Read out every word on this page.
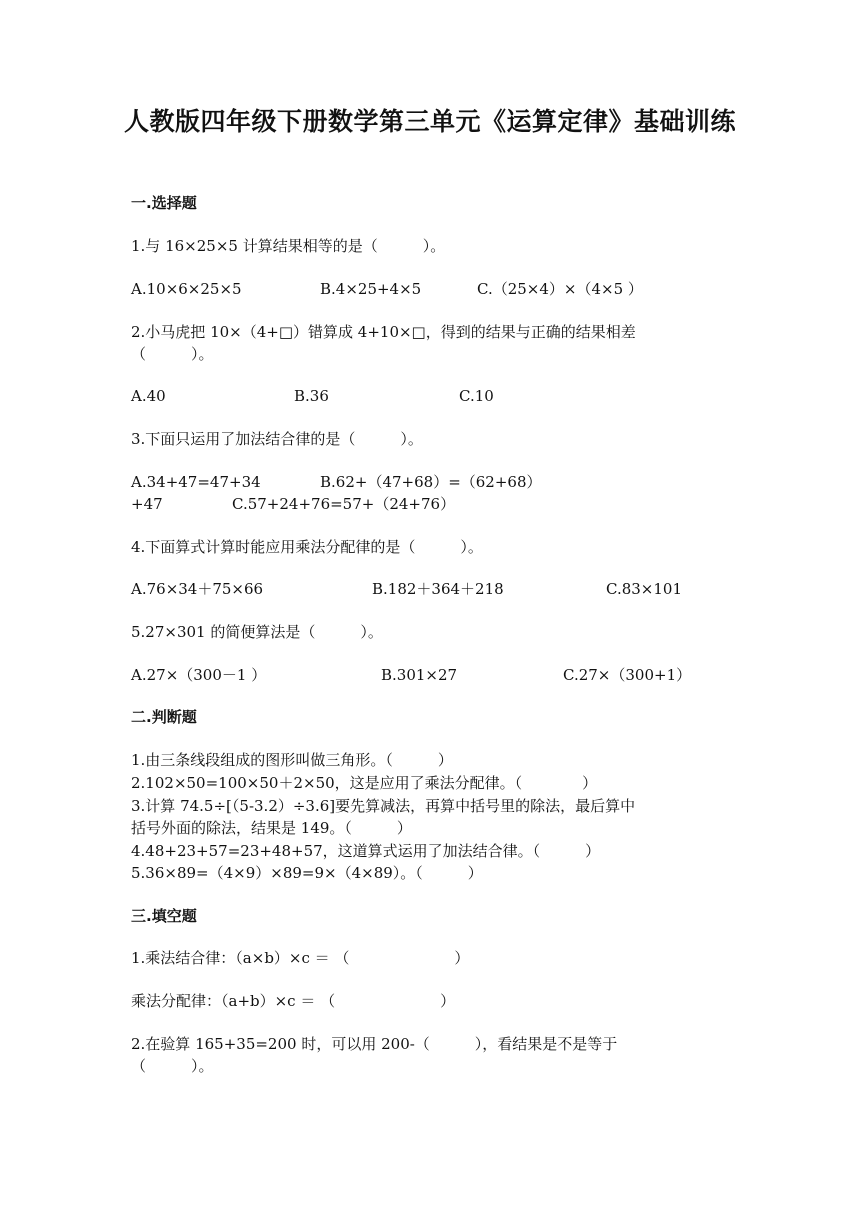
人教版四年级下册数学第三单元《运算定律》基础训练
一.选择题
1.与 16×25×5 计算结果相等的是（　　　）。
A.10×6×25×5	B.4×25+4×5	C.（25×4）×（4×5 ）
2.小马虎把 10×（4+□）错算成 4+10×□，得到的结果与正确的结果相差
（　　　）。
A.40	B.36	C.10
3.下面只运用了加法结合律的是（　　　）。
A.34+47=47+34	B.62+（47+68）=（62+68）
+47	C.57+24+76=57+（24+76）
4.下面算式计算时能应用乘法分配律的是（　　　）。
A.76×34＋75×66	B.182＋364＋218	C.83×101
5.27×301 的简便算法是（　　　）。
A.27×（300－1 ）	B.301×27	C.27×（300+1）
二.判断题
1.由三条线段组成的图形叫做三角形。（　　　）
2.102×50=100×50＋2×50，这是应用了乘法分配律。（　　　　）
3.计算 74.5÷[（5-3.2）÷3.6]要先算减法，再算中括号里的除法，最后算中
括号外面的除法，结果是 149。（　　　）
4.48+23+57=23+48+57，这道算式运用了加法结合律。（　　　）
5.36×89=（4×9）×89=9×（4×89）。（　　　）
三.填空题
1.乘法结合律：（a×b）×c ＝ （　　　　　　　）
乘法分配律：（a+b）×c ＝ （　　　　　　　）
2.在验算 165+35=200 时，可以用 200-（　　　），看结果是不是等于
（　　　）。
